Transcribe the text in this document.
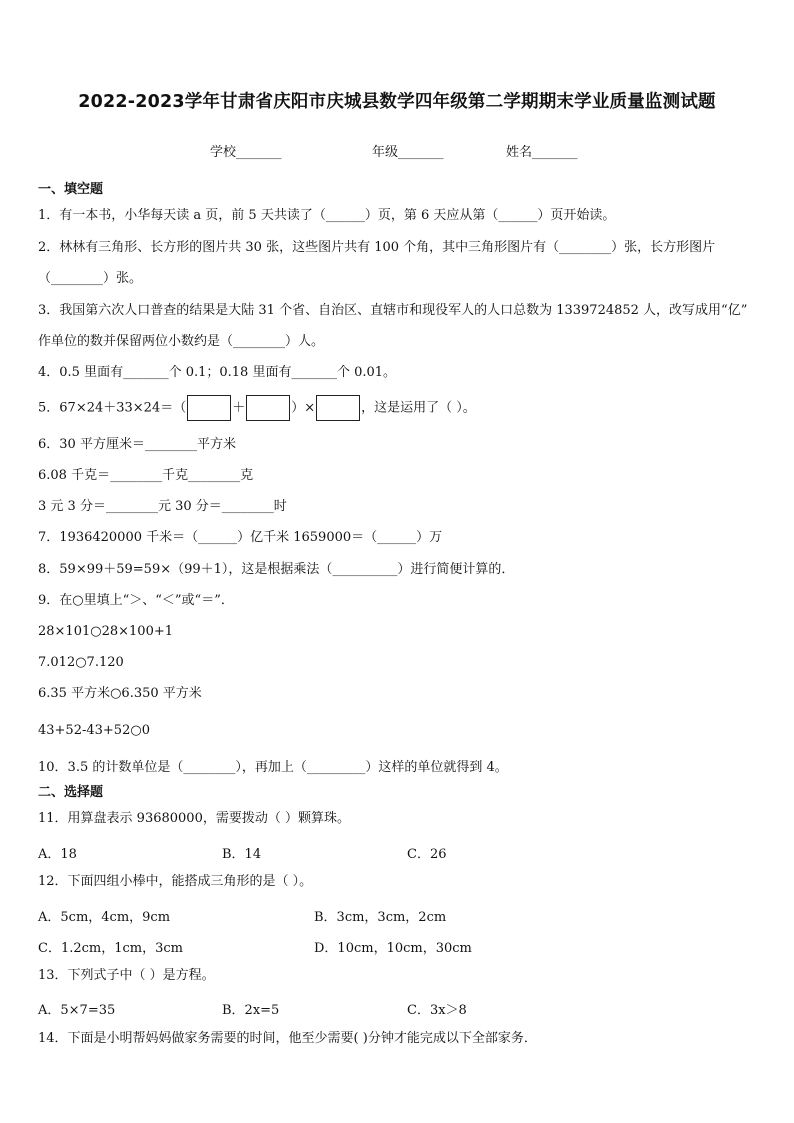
2022-2023学年甘肃省庆阳市庆城县数学四年级第二学期期末学业质量监测试题
学校_______	年级_______	姓名_______
一、填空题
1．有一本书，小华每天读 a 页，前 5 天共读了（______）页，第 6 天应从第（______）页开始读。
2．林林有三角形、长方形的图片共 30 张，这些图片共有 100 个角，其中三角形图片有（________）张，长方形图片
（________）张。
3．我国第六次人口普查的结果是大陆 31 个省、自治区、直辖市和现役军人的人口总数为 1339724852 人，改写成用“亿”
作单位的数并保留两位小数约是（________）人。
4．0.5 里面有_______个 0.1；0.18 里面有_______个 0.01。
5．67×24＋33×24＝（	＋	）×	，这是运用了（ ）。
6．30 平方厘米＝________平方米
6.08 千克＝________千克________克
3 元 3 分＝________元 30 分＝________时
7．1936420000 千米＝（______）亿千米 1659000＝（______）万
8．59×99＋59=59×（99＋1），这是根据乘法（__________）进行简便计算的．
9．在○里填上“＞、“＜”或“＝”．
28×101○28×100+1
7.012○7.120
6.35 平方米○6.350 平方米
43+52-43+52○0
10．3.5 的计数单位是（________），再加上（_________）这样的单位就得到 4。
二、选择题
11．用算盘表示 93680000，需要拨动（ ）颗算珠。
A．18	B．14	C．26
12．下面四组小棒中，能搭成三角形的是（ ）。
A．5cm，4cm，9cm	B．3cm，3cm，2cm
C．1.2cm，1cm，3cm	D．10cm，10cm，30cm
13．下列式子中（ ）是方程。
A．5×7=35	B．2x=5	C．3x＞8
14．下面是小明帮妈妈做家务需要的时间，他至少需要( )分钟才能完成以下全部家务．
